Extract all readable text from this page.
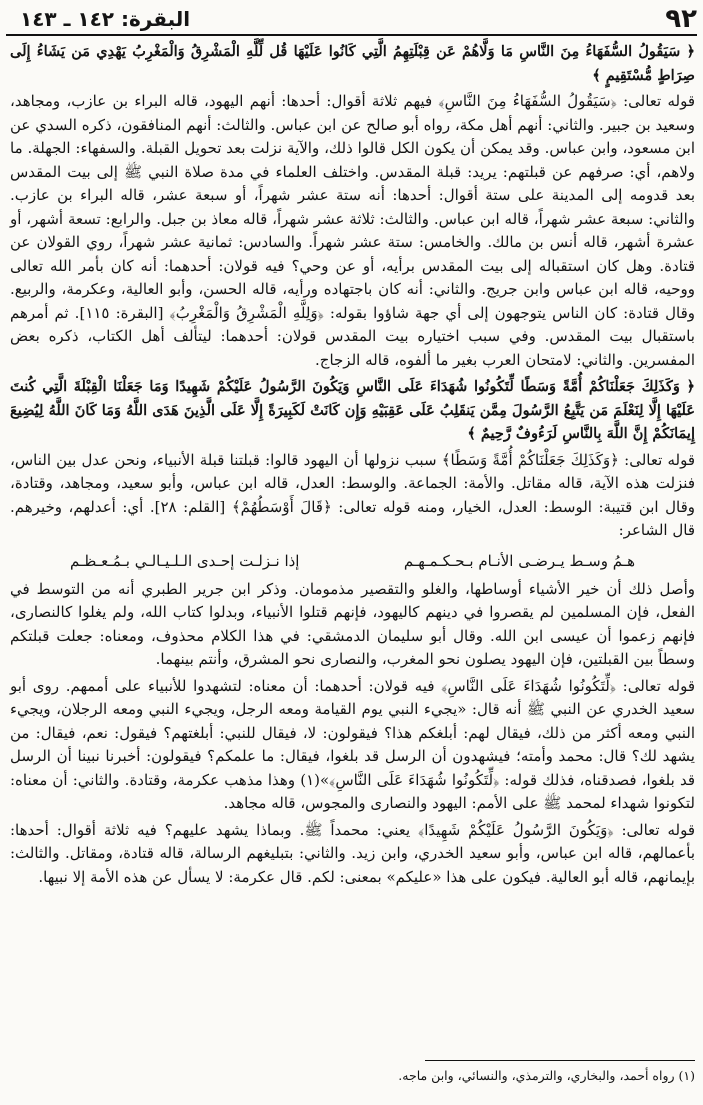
٩٢
البقرة: ١٤٢ ـ ١٤٣

﴿ سَيَقُولُ السُّفَهَاءُ مِنَ النَّاسِ مَا وَلَّاهُمْ عَن قِبْلَتِهِمُ الَّتِي كَانُوا عَلَيْهَا قُل لِّلَّهِ الْمَشْرِقُ وَالْمَغْرِبُ يَهْدِي مَن يَشَاءُ إِلَى صِرَاطٍ مُّسْتَقِيمٍ ﴾

قوله تعالى: ﴿سَيَقُولُ السُّفَهَاءُ مِنَ النَّاسِ﴾ فيهم ثلاثة أقوال: أحدها: أنهم اليهود، قاله البراء بن عازب، ومجاهد، وسعيد بن جبير. والثاني: أنهم أهل مكة، رواه أبو صالح عن ابن عباس. والثالث: أنهم المنافقون، ذكره السدي عن ابن مسعود، وابن عباس. وقد يمكن أن يكون الكل قالوا ذلك، والآية نزلت بعد تحويل القبلة. والسفهاء: الجهلة. ما ولاهم، أي: صرفهم عن قبلتهم: يريد: قبلة المقدس. واختلف العلماء في مدة صلاة النبي ﷺ إلى بيت المقدس بعد قدومه إلى المدينة على ستة أقوال: أحدها: أنه ستة عشر شهراً، أو سبعة عشر، قاله البراء بن عازب. والثاني: سبعة عشر شهراً، قاله ابن عباس. والثالث: ثلاثة عشر شهراً، قاله معاذ بن جبل. والرابع: تسعة أشهر، أو عشرة أشهر، قاله أنس بن مالك. والخامس: ستة عشر شهراً. والسادس: ثمانية عشر شهراً، روي القولان عن قتادة. وهل كان استقباله إلى بيت المقدس برأيه، أو عن وحي؟ فيه قولان: أحدهما: أنه كان بأمر الله تعالى ووحيه، قاله ابن عباس وابن جريج. والثاني: أنه كان باجتهاده ورأيه، قاله الحسن، وأبو العالية، وعكرمة، والربيع. وقال قتادة: كان الناس يتوجهون إلى أي جهة شاؤوا بقوله: ﴿وَلِلَّهِ الْمَشْرِقُ وَالْمَغْرِبُ﴾ [البقرة: ١١٥]. ثم أمرهم باستقبال بيت المقدس. وفي سبب اختياره بيت المقدس قولان: أحدهما: ليتألف أهل الكتاب، ذكره بعض المفسرين. والثاني: لامتحان العرب بغير ما ألفوه، قاله الزجاج.

﴿ وَكَذَلِكَ جَعَلْنَاكُمْ أُمَّةً وَسَطًا لِّتَكُونُوا شُهَدَاءَ عَلَى النَّاسِ وَيَكُونَ الرَّسُولُ عَلَيْكُمْ شَهِيدًا وَمَا جَعَلْنَا الْقِبْلَةَ الَّتِي كُنتَ عَلَيْهَا إِلَّا لِنَعْلَمَ مَن يَتَّبِعُ الرَّسُولَ مِمَّن يَنقَلِبُ عَلَى عَقِبَيْهِ وَإِن كَانَتْ لَكَبِيرَةً إِلَّا عَلَى الَّذِينَ هَدَى اللَّهُ وَمَا كَانَ اللَّهُ لِيُضِيعَ إِيمَانَكُمْ إِنَّ اللَّهَ بِالنَّاسِ لَرَءُوفٌ رَّحِيمٌ ﴾

قوله تعالى: ﴿وَكَذَلِكَ جَعَلْنَاكُمْ أُمَّةً وَسَطًا﴾ سبب نزولها أن اليهود قالوا: قبلتنا قبلة الأنبياء، ونحن عدل بين الناس، فنزلت هذه الآية، قاله مقاتل. والأمة: الجماعة. والوسط: العدل، قاله ابن عباس، وأبو سعيد، ومجاهد، وقتادة، وقال ابن قتيبة: الوسط: العدل، الخيار، ومنه قوله تعالى: ﴿قَالَ أَوْسَطُهُمْ﴾ [القلم: ٢٨]. أي: أعدلهم، وخيرهم. قال الشاعر:

هـمُ وسـط يـرضـى الأنـام بـحـكـمـهـم
إذا نـزلـت إحـدى الـلـيـالـي بـمُـعـظـم

وأصل ذلك أن خير الأشياء أوساطها، والغلو والتقصير مذمومان. وذكر ابن جرير الطبري أنه من التوسط في الفعل، فإن المسلمين لم يقصروا في دينهم كاليهود، فإنهم قتلوا الأنبياء، وبدلوا كتاب الله، ولم يغلوا كالنصارى، فإنهم زعموا أن عيسى ابن الله. وقال أبو سليمان الدمشقي: في هذا الكلام محذوف، ومعناه: جعلت قبلتكم وسطاً بين القبلتين، فإن اليهود يصلون نحو المغرب، والنصارى نحو المشرق، وأنتم بينهما.

قوله تعالى: ﴿لِّتَكُونُوا شُهَدَاءَ عَلَى النَّاسِ﴾ فيه قولان: أحدهما: أن معناه: لتشهدوا للأنبياء على أممهم. روى أبو سعيد الخدري عن النبي ﷺ أنه قال: «يجيء النبي يوم القيامة ومعه الرجل، ويجيء النبي ومعه الرجلان، ويجيء النبي ومعه أكثر من ذلك، فيقال لهم: أبلغكم هذا؟ فيقولون: لا، فيقال للنبي: أبلغتهم؟ فيقول: نعم، فيقال: من يشهد لك؟ قال: محمد وأمته؛ فيشهدون أن الرسل قد بلغوا، فيقال: ما علمكم؟ فيقولون: أخبرنا نبينا أن الرسل قد بلغوا، فصدقناه، فذلك قوله: ﴿لِّتَكُونُوا شُهَدَاءَ عَلَى النَّاسِ﴾»(١) وهذا مذهب عكرمة، وقتادة. والثاني: أن معناه: لتكونوا شهداء لمحمد ﷺ على الأمم: اليهود والنصارى والمجوس، قاله مجاهد.

قوله تعالى: ﴿وَيَكُونَ الرَّسُولُ عَلَيْكُمْ شَهِيدًا﴾ يعني: محمداً ﷺ. وبماذا يشهد عليهم؟ فيه ثلاثة أقوال: أحدها: بأعمالهم، قاله ابن عباس، وأبو سعيد الخدري، وابن زيد. والثاني: بتبليغهم الرسالة، قاله قتادة، ومقاتل. والثالث: بإيمانهم، قاله أبو العالية. فيكون على هذا «عليكم» بمعنى: لكم. قال عكرمة: لا يسأل عن هذه الأمة إلا نبيها.

(١) رواه أحمد، والبخاري، والترمذي، والنسائي، وابن ماجه.
